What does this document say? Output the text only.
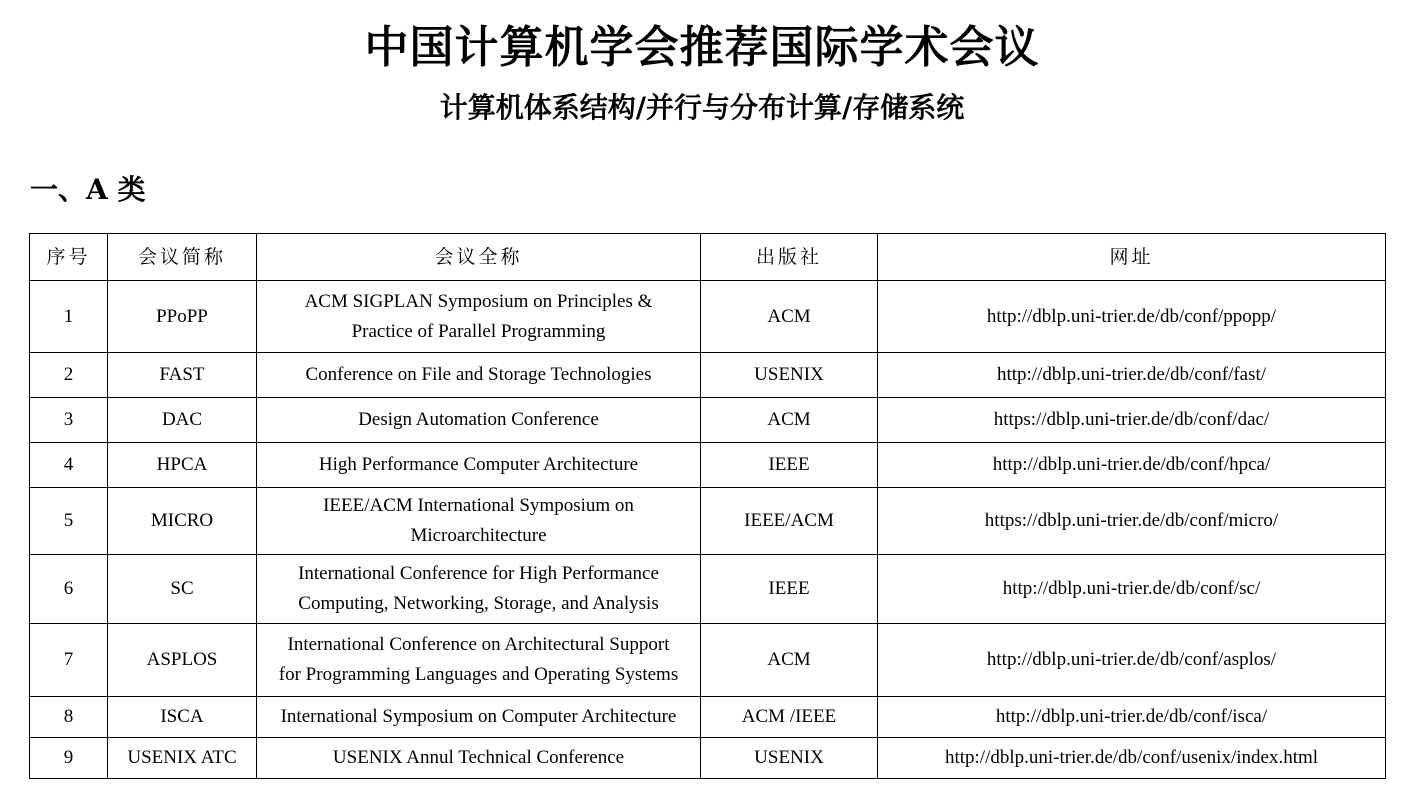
中国计算机学会推荐国际学术会议
计算机体系结构/并行与分布计算/存储系统
一、A 类
序号	会议简称	会议全称	出版社	网址
1	PPoPP	ACM SIGPLAN Symposium on Principles &
Practice of Parallel Programming	ACM	http://dblp.uni-trier.de/db/conf/ppopp/
2	FAST	Conference on File and Storage Technologies	USENIX	http://dblp.uni-trier.de/db/conf/fast/
3	DAC	Design Automation Conference	ACM	https://dblp.uni-trier.de/db/conf/dac/
4	HPCA	High Performance Computer Architecture	IEEE	http://dblp.uni-trier.de/db/conf/hpca/
5	MICRO	IEEE/ACM International Symposium on
Microarchitecture	IEEE/ACM	https://dblp.uni-trier.de/db/conf/micro/
6	SC	International Conference for High Performance
Computing, Networking, Storage, and Analysis	IEEE	http://dblp.uni-trier.de/db/conf/sc/
7	ASPLOS	International Conference on Architectural Support
for Programming Languages and Operating Systems	ACM	http://dblp.uni-trier.de/db/conf/asplos/
8	ISCA	International Symposium on Computer Architecture	ACM /IEEE	http://dblp.uni-trier.de/db/conf/isca/
9	USENIX ATC	USENIX Annul Technical Conference	USENIX	http://dblp.uni-trier.de/db/conf/usenix/index.html
